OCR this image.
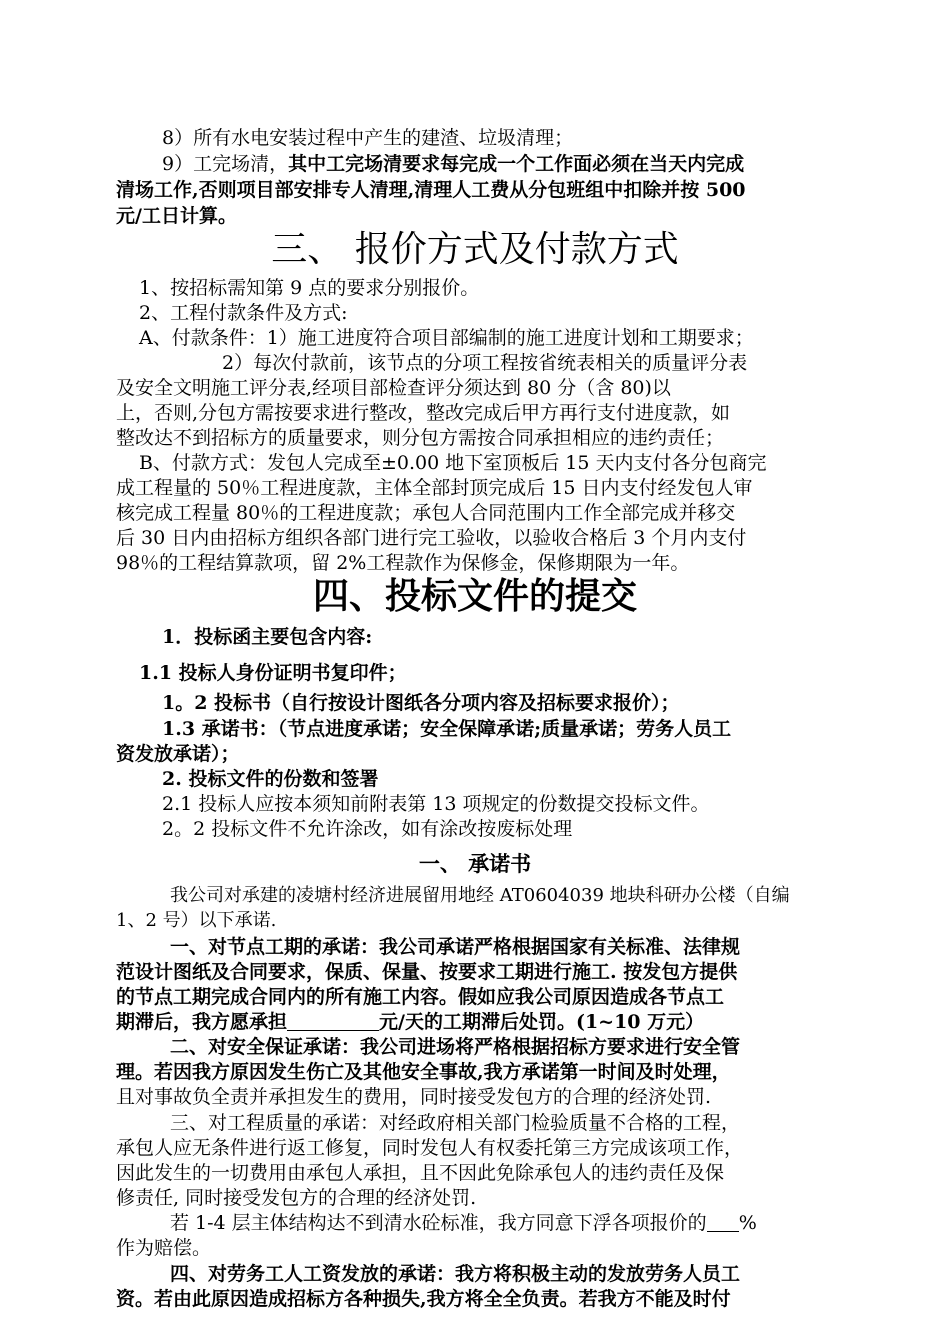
8）所有水电安装过程中产生的建渣、垃圾清理；
9）工完场清，其中工完场清要求每完成一个工作面必须在当天内完成
清场工作,否则项目部安排专人清理,清理人工费从分包班组中扣除并按 500
元/工日计算。
三、 报价方式及付款方式
1、按招标需知第 9 点的要求分别报价。
2、工程付款条件及方式:
A、付款条件：1）施工进度符合项目部编制的施工进度计划和工期要求；
2）每次付款前，该节点的分项工程按省统表相关的质量评分表
及安全文明施工评分表,经项目部检查评分须达到 80 分（含 80)以
上，否则,分包方需按要求进行整改，整改完成后甲方再行支付进度款，如
整改达不到招标方的质量要求，则分包方需按合同承担相应的违约责任；
B、付款方式：发包人完成至±0.00 地下室顶板后 15 天内支付各分包商完
成工程量的 50％工程进度款，主体全部封顶完成后 15 日内支付经发包人审
核完成工程量 80％的工程进度款；承包人合同范围内工作全部完成并移交
后 30 日内由招标方组织各部门进行完工验收，以验收合格后 3 个月内支付
98％的工程结算款项，留 2%工程款作为保修金，保修期限为一年。
四、投标文件的提交
1．投标函主要包含内容:
1.1 投标人身份证明书复印件；
1。2 投标书（自行按设计图纸各分项内容及招标要求报价）；
1.3 承诺书：（节点进度承诺；安全保障承诺;质量承诺；劳务人员工
资发放承诺）；
2. 投标文件的份数和签署
2.1 投标人应按本须知前附表第 13 项规定的份数提交投标文件。
2。2 投标文件不允许涂改，如有涂改按废标处理
一、 承诺书
我公司对承建的凌塘村经济进展留用地经 AT0604039 地块科研办公楼（自编
1、2 号）以下承诺.
一、对节点工期的承诺：我公司承诺严格根据国家有关标准、法律规
范设计图纸及合同要求，保质、保量、按要求工期进行施工. 按发包方提供
的节点工期完成合同内的所有施工内容。假如应我公司原因造成各节点工
期滞后，我方愿承担	元/天的工期滞后处罚。(1~10 万元）
二、对安全保证承诺：我公司进场将严格根据招标方要求进行安全管
理。若因我方原因发生伤亡及其他安全事故,我方承诺第一时间及时处理，
且对事故负全责并承担发生的费用，同时接受发包方的合理的经济处罚.
三、对工程质量的承诺：对经政府相关部门检验质量不合格的工程，
承包人应无条件进行返工修复，同时发包人有权委托第三方完成该项工作，
因此发生的一切费用由承包人承担，且不因此免除承包人的违约责任及保
修责任, 同时接受发包方的合理的经济处罚.
若 1-4 层主体结构达不到清水砼标准，我方同意下浮各项报价的 %
作为赔偿。
四、对劳务工人工资发放的承诺：我方将积极主动的发放劳务人员工
资。若由此原因造成招标方各种损失,我方将全全负责。若我方不能及时付
